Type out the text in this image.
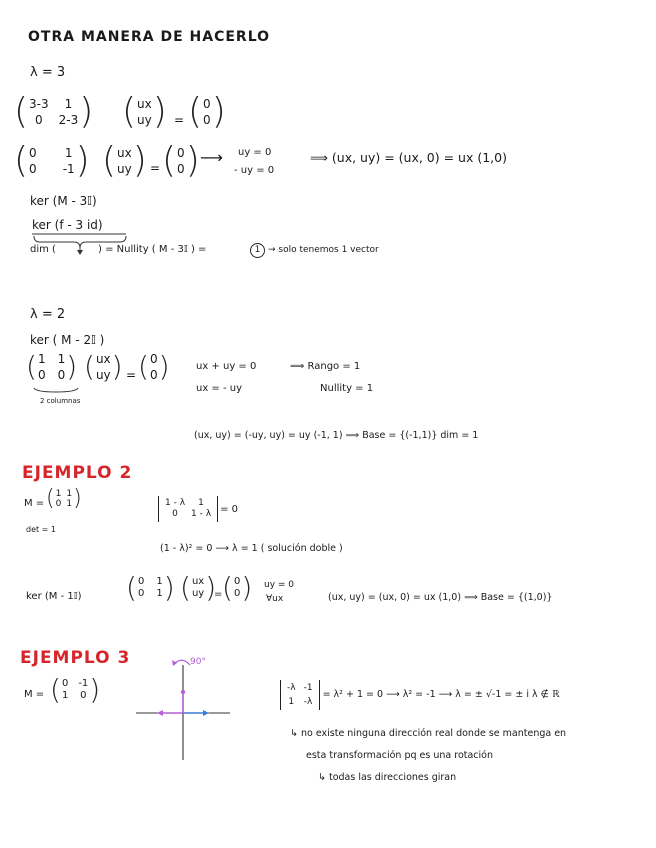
OTRA MANERA DE HACERLO
λ = 3
( 3-3	1
0	2-3 ) ( ux
uy ) = ( 0
0 )
( 0 1
0 -1 ) ( ux
uy ) = ( 0
0 ) ⟶ uy = 0
- uy = 0
⟹ (ux, uy) = (ux, 0) = ux (1,0)
ker (M - 3𝕀)
ker (f - 3 id)
dim (	) = Nullity ( M - 3𝕀 ) =	1 → solo tenemos 1 vector
λ = 2
ker ( M - 2𝕀 )
( 1 1
0 0 )
2 columnas
( ux
uy ) = ( 0
0 )	ux + uy = 0
ux = - uy
⟹ Rango = 1
Nullity = 1
(ux, uy) = (-uy, uy) = uy (-1, 1) ⟹ Base = {(-1,1)} dim = 1
EJEMPLO 2
M = ( 1 1
0 1 )
det = 1
1 - λ	1
0	1 - λ = 0
(1 - λ)² = 0 ⟶ λ = 1 ( solución doble )
ker (M - 1𝕀) ( 0 1
0 1 ) ( ux
uy )
= ( 0
0 ) uy = 0
∀ux	(ux, uy) = (ux, 0) = ux (1,0) ⟹ Base = {(1,0)}
EJEMPLO 3
M = ( 0 -1
1 0 )
90°
-λ -1
1 -λ
= λ² + 1 = 0 ⟶ λ² = -1 ⟶ λ = ± √-1 = ± i λ ∉ ℝ
↳ no existe ninguna dirección real donde se mantenga en
esta transformación pq es una rotación
↳ todas las direcciones giran
